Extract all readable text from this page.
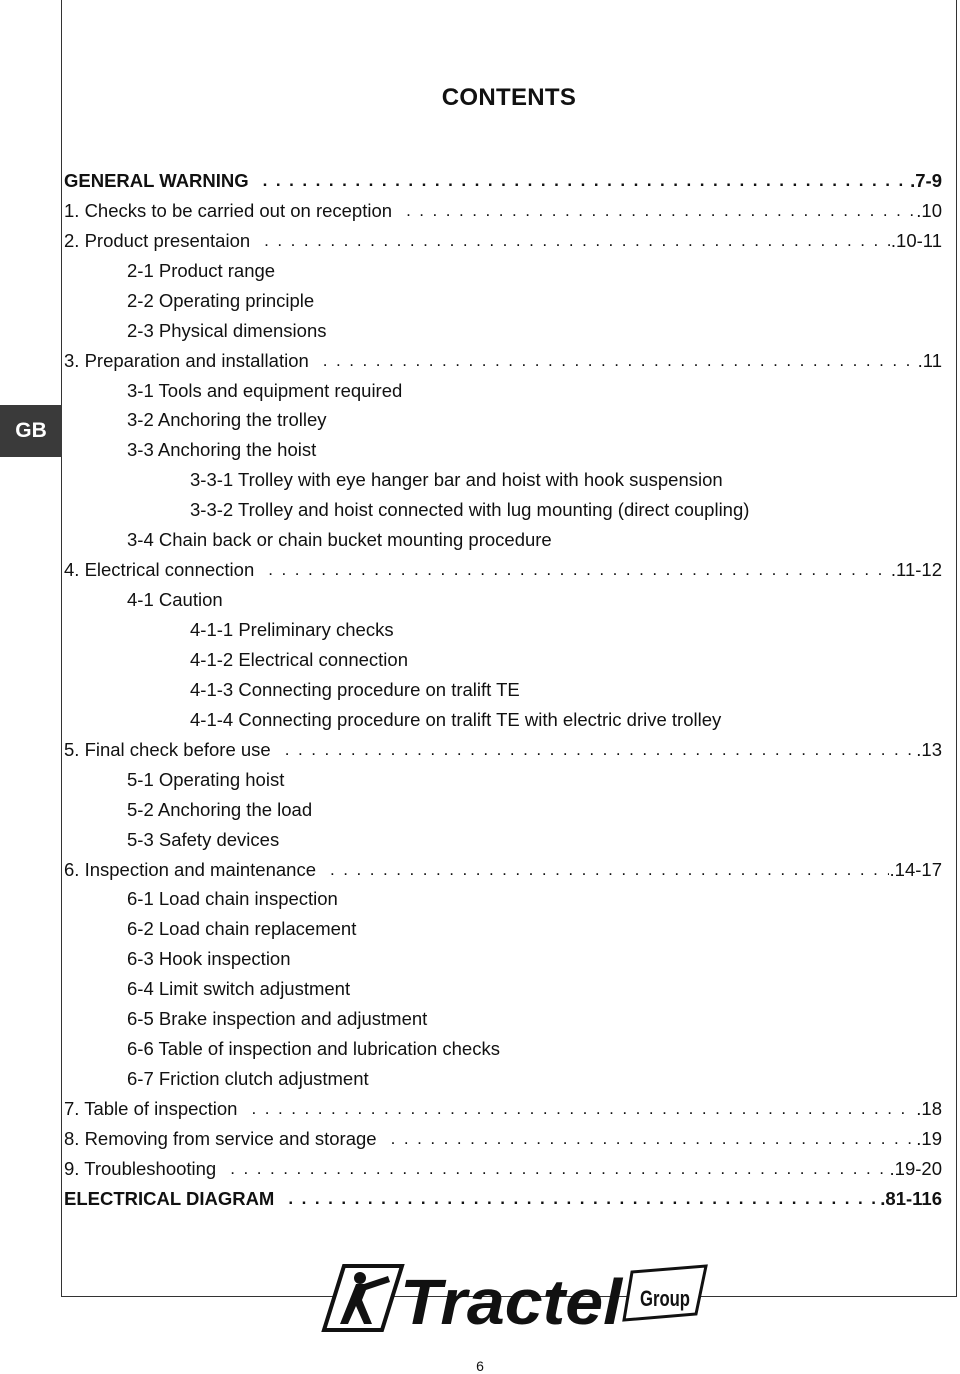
GB
CONTENTS
GENERAL WARNING . . .	.7-9
1. Checks to be carried out on reception . . .	.10
2. Product presentaion . . .	.10-11
2-1 Product range
2-2 Operating principle
2-3 Physical dimensions
3. Preparation and installation . . .	.11
3-1 Tools and equipment required
3-2 Anchoring the trolley
3-3 Anchoring the hoist
3-3-1 Trolley with eye hanger bar and hoist with hook suspension
3-3-2 Trolley and hoist connected with lug mounting (direct coupling)
3-4 Chain back or chain bucket mounting procedure
4. Electrical connection . . .	.11-12
4-1 Caution
4-1-1 Preliminary checks
4-1-2 Electrical connection
4-1-3 Connecting procedure on tralift TE
4-1-4 Connecting procedure on tralift TE with electric drive trolley
5. Final check before use . . .	.13
5-1 Operating hoist
5-2 Anchoring the load
5-3 Safety devices
6. Inspection and maintenance . . .	.14-17
6-1 Load chain inspection
6-2 Load chain replacement
6-3 Hook inspection
6-4 Limit switch adjustment
6-5 Brake inspection and adjustment
6-6 Table of inspection and lubrication checks
6-7 Friction clutch adjustment
7. Table of inspection . . .	.18
8. Removing from service and storage . . .	.19
9. Troubleshooting . . .	.19-20
ELECTRICAL DIAGRAM . . .	.81-116
Tractel Group
6
